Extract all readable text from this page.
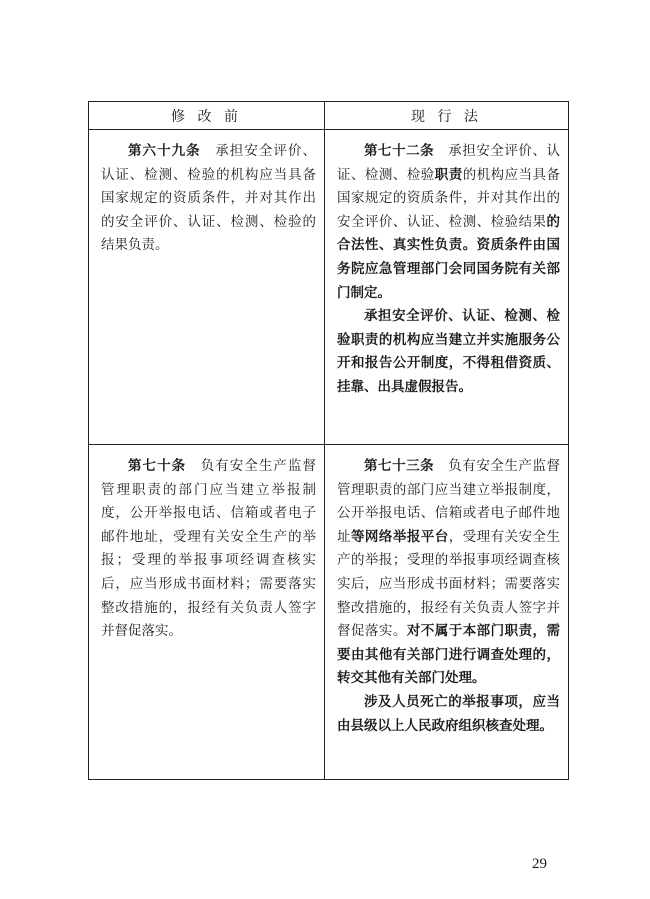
修 改 前	现 行 法

第六十九条　承担安全评价、认证、检测、检验的机构应当具备国家规定的资质条件，并对其作出的安全评价、认证、检测、检验的结果负责。	第七十二条　承担安全评价、认证、检测、检验职责的机构应当具备国家规定的资质条件，并对其作出的安全评价、认证、检测、检验结果的合法性、真实性负责。资质条件由国务院应急管理部门会同国务院有关部门制定。

承担安全评价、认证、检测、检验职责的机构应当建立并实施服务公开和报告公开制度，不得租借资质、挂靠、出具虚假报告。

第七十条　负有安全生产监督管理职责的部门应当建立举报制度，公开举报电话、信箱或者电子邮件地址，受理有关安全生产的举报；受理的举报事项经调查核实后，应当形成书面材料；需要落实整改措施的，报经有关负责人签字并督促落实。	第七十三条　负有安全生产监督管理职责的部门应当建立举报制度，公开举报电话、信箱或者电子邮件地址等网络举报平台，受理有关安全生产的举报；受理的举报事项经调查核实后，应当形成书面材料；需要落实整改措施的，报经有关负责人签字并督促落实。对不属于本部门职责，需要由其他有关部门进行调查处理的，转交其他有关部门处理。

涉及人员死亡的举报事项，应当由县级以上人民政府组织核查处理。

29
